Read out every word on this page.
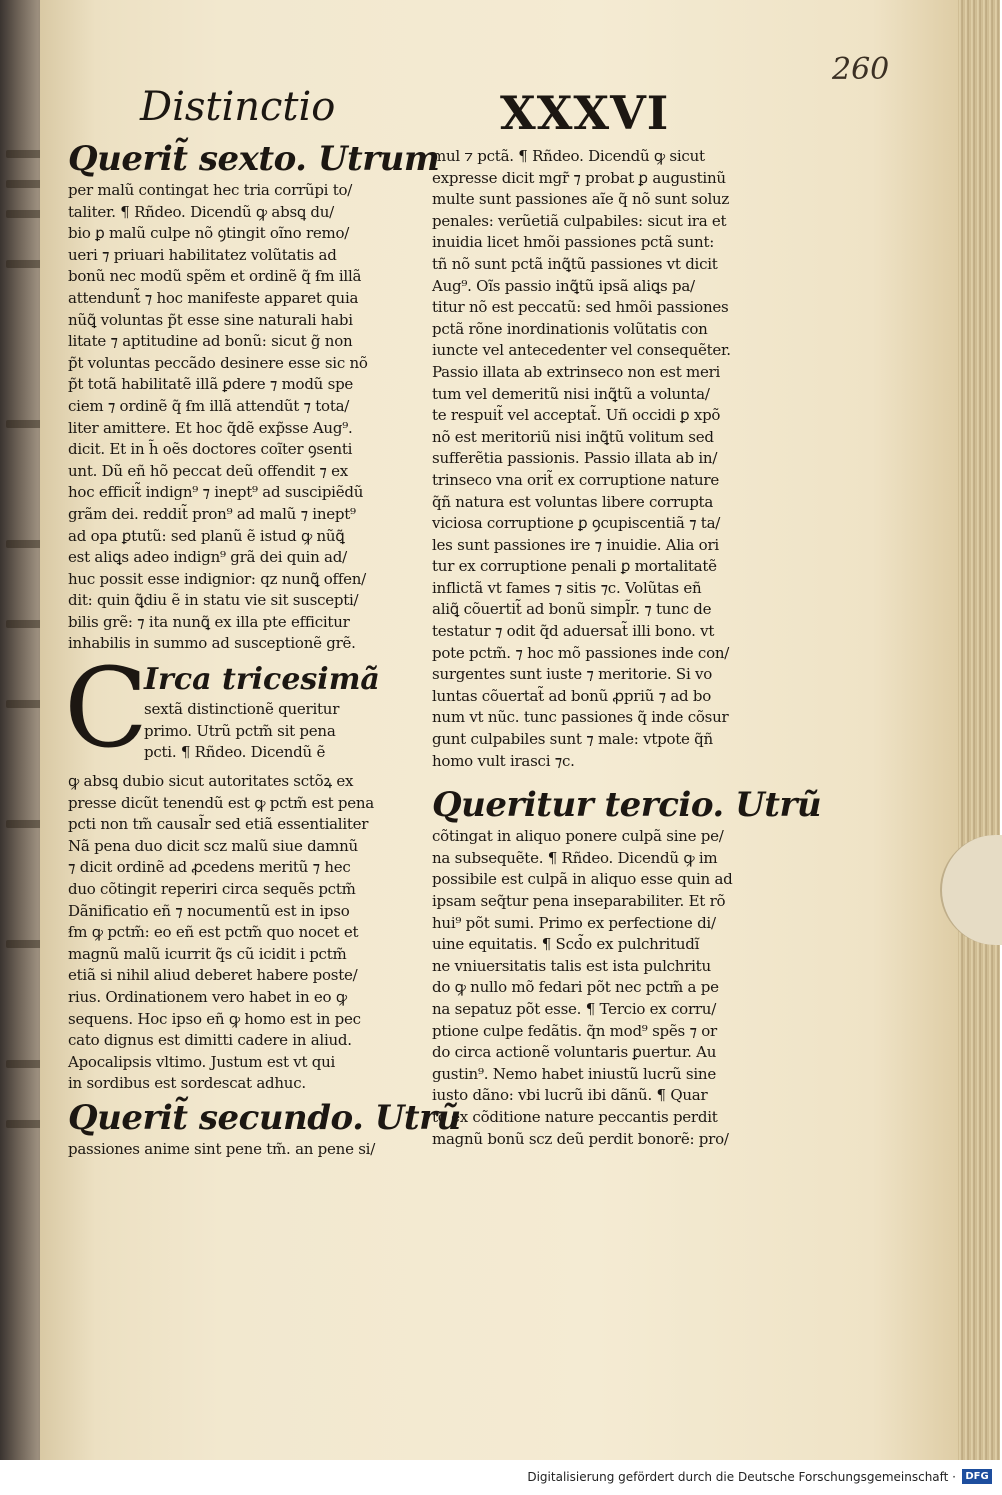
260
Distinctio	XXXVI
Querit̃ sexto. Utrum
per malũ contingat hec tria corrũpi to/
taliter. ¶ Rñdeo. Dicendũ ꝙ absꝗ du/
bio ꝑ malũ culpe nõ ꝯtingit oĩno remo/
ueri ⁊ priuari habilitatez volũtatis ad
bonũ nec modũ spẽm et ordinẽ q̃ ẜm illã
attendunt̃ ⁊ hoc manifeste apparet quia
nũꝗ̃ voluntas p̃t esse sine naturali habi
litate ⁊ aptitudine ad bonũ: sicut g̃ non
p̃t voluntas peccãdo desinere esse sic nõ
p̃t totã habilitatẽ illã ꝑdere ⁊ modũ spe
ciem ⁊ ordinẽ q̃ ẜm illã attendũt ⁊ tota/
liter amittere. Et hoc q̃dẽ exp̃sse Aug⁹.
dicit. Et in h̃ oẽs doctores coĩter ꝯsenti
unt. Dũ eñ hõ peccat deũ offendit ⁊ ex
hoc efficit̃ indign⁹ ⁊ inept⁹ ad suscipiẽdũ
grãm dei. reddit̃ pron⁹ ad malũ ⁊ inept⁹
ad opa ꝑtutũ: sed planũ ẽ istud ꝙ nũꝗ̃
est aliꝗs adeo indign⁹ grã dei quin ad/
huc possit esse indignior: qz nunꝗ̃ offen/
dit: quin ꝗ̃diu ẽ in statu vie sit suscepti/
bilis grẽ: ⁊ ita nunꝗ̃ ex illa pte efficitur
inhabilis in summo ad susceptionẽ grẽ.
C
Irca tricesimã
sextã distinctionẽ queritur
primo. Utrũ pctm̃ sit pena
pcti. ¶ Rñdeo. Dicendũ ẽ
ꝙ absꝗ dubio sicut autoritates sctõꝝ ex
presse dicũt tenendũ est ꝙ pctm̃ est pena
pcti non tm̃ causal̃r sed etiã essentialiter
Nã pena duo dicit scz malũ siue damnũ
⁊ dicit ordinẽ ad ꝓcedens meritũ ⁊ hec
duo cõtingit reperiri circa sequẽs pctm̃
Dãnificatio eñ ⁊ nocumentũ est in ipso
ẜm ꝙ pctm̃: eo eñ est pctm̃ quo nocet et
magnũ malũ icurrit q̃s cũ icidit i pctm̃
etiã si nihil aliud deberet habere poste/
rius. Ordinationem vero habet in eo ꝙ
sequens. Hoc ipso eñ ꝙ homo est in pec
cato dignus est dimitti cadere in aliud.
Apocalipsis vltimo. Justum est vt qui
in sordibus est sordescat adhuc.
Querit̃ secundo. Utrũ
passiones anime sint pene tm̃. an pene si/
mul ⁊ pctã. ¶ Rñdeo. Dicendũ ꝙ sicut
expresse dicit mgr̃ ⁊ probat ꝑ augustinũ
multe sunt passiones aĩe q̃ nõ sunt soluz
penales: verũetiã culpabiles: sicut ira et
inuidia licet hmõi passiones pctã sunt:
tñ nõ sunt pctã inꝗ̃tũ passiones vt dicit
Aug⁹. Oĩs passio inꝗ̃tũ ipsã aliꝗs pa/
titur nõ est peccatũ: sed hmõi passiones
pctã rõne inordinationis volũtatis con
iuncte vel antecedenter vel consequẽter.
Passio illata ab extrinseco non est meri
tum vel demeritũ nisi inꝗ̃tũ a volunta/
te respuit̃ vel acceptat̃. Uñ occidi ꝑ xpõ
nõ est meritoriũ nisi inꝗ̃tũ volitum sed
sufferẽtia passionis. Passio illata ab in/
trinseco vna orit̃ ex corruptione nature
q̃ñ natura est voluntas libere corrupta
viciosa corruptione ꝑ ꝯcupiscentiã ⁊ ta/
les sunt passiones ire ⁊ inuidie. Alia ori
tur ex corruptione penali ꝑ mortalitatẽ
inflictã vt fames ⁊ sitis ⁊c. Volũtas eñ
aliꝗ̃ cõuertit̃ ad bonũ simpl̃r. ⁊ tunc de
testatur ⁊ odit q̃d aduersat̃ illi bono. vt
pote pctm̃. ⁊ hoc mõ passiones inde con/
surgentes sunt iuste ⁊ meritorie. Si vo
luntas cõuertat̃ ad bonũ ꝓpriũ ⁊ ad bo
num vt nũc. tunc passiones q̃ inde cõsur
gunt culpabiles sunt ⁊ male: vtpote q̃ñ
homo vult irasci ⁊c.
Queritur tercio. Utrũ
cõtingat in aliquo ponere culpã sine pe/
na subsequẽte. ¶ Rñdeo. Dicendũ ꝙ im
possibile est culpã in aliquo esse quin ad
ipsam seq̃tur pena inseparabiliter. Et rõ
hui⁹ põt sumi. Primo ex perfectione di/
uine equitatis. ¶ Scd̃o ex pulchritudĩ
ne vniuersitatis talis est ista pulchritu
do ꝙ nullo mõ fedari põt nec pctm̃ a pe
na sepatuz põt esse. ¶ Tercio ex corru/
ptione culpe fedãtis. q̃n mod⁹ spẽs ⁊ or
do circa actionẽ voluntaris ꝑuertur. Au
gustin⁹. Nemo habet iniustũ lucrũ sine
iusto dãno: vbi lucrũ ibi dãnũ. ¶ Quar
to ex cõditione nature peccantis perdit
magnũ bonũ scz deũ perdit bonorẽ: pro/
Digitalisierung gefördert durch die Deutsche Forschungsgemeinschaft · DFG
